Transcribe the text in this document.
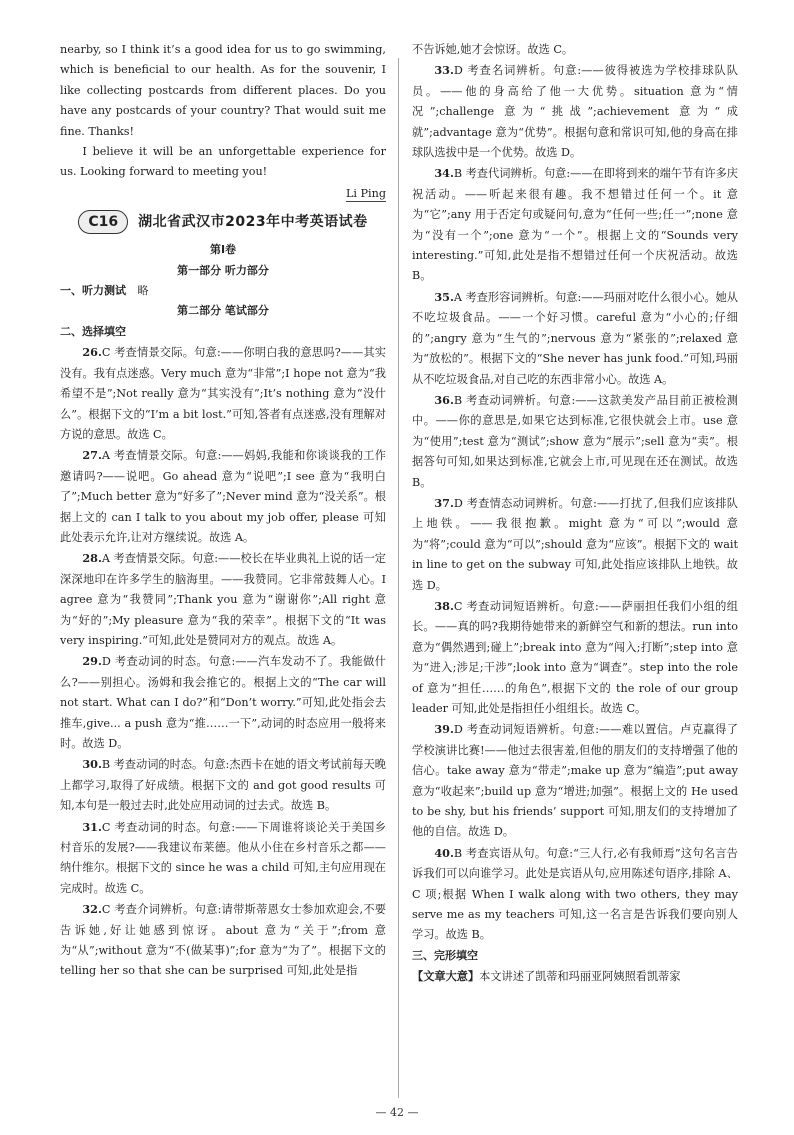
nearby, so I think it’s a good idea for us to go swimming, which is beneficial to our health. As for the souvenir, I like collecting postcards from different places. Do you have any postcards of your country? That would suit me fine. Thanks!

I believe it will be an unforgettable experience for us. Looking forward to meeting you!

Li Ping

C16	湖北省武汉市2023年中考英语试卷

第Ⅰ卷

第一部分 听力部分

一、听力测试 略

第二部分 笔试部分

二、选择填空

26.C 考查情景交际。句意:——你明白我的意思吗?——其实没有。我有点迷惑。Very much 意为“非常”;I hope not 意为“我希望不是”;Not really 意为“其实没有”;It’s nothing 意为“没什么”。根据下文的“I’m a bit lost.”可知,答者有点迷惑,没有理解对方说的意思。故选 C。

27.A 考查情景交际。句意:——妈妈,我能和你谈谈我的工作邀请吗?——说吧。Go ahead 意为“说吧”;I see 意为“我明白了”;Much better 意为“好多了”;Never mind 意为“没关系”。根据上文的 can I talk to you about my job offer, please 可知此处表示允许,让对方继续说。故选 A。

28.A 考查情景交际。句意:——校长在毕业典礼上说的话一定深深地印在许多学生的脑海里。——我赞同。它非常鼓舞人心。I agree 意为“我赞同”;Thank you 意为“谢谢你”;All right 意为“好的”;My pleasure 意为“我的荣幸”。根据下文的“It was very inspiring.”可知,此处是赞同对方的观点。故选 A。

29.D 考查动词的时态。句意:——汽车发动不了。我能做什么?——别担心。汤姆和我会推它的。根据上文的“The car will not start. What can I do?”和“Don’t worry.”可知,此处指会去推车,give... a push 意为“推……一下”,动词的时态应用一般将来时。故选 D。

30.B 考查动词的时态。句意:杰西卡在她的语文考试前每天晚上都学习,取得了好成绩。根据下文的 and got good results 可知,本句是一般过去时,此处应用动词的过去式。故选 B。

31.C 考查动词的时态。句意:——下周谁将谈论关于美国乡村音乐的发展?——我建议布莱德。他从小住在乡村音乐之都——纳什维尔。根据下文的 since he was a child 可知,主句应用现在完成时。故选 C。

32.C 考查介词辨析。句意:请带斯蒂恩女士参加欢迎会,不要告诉她,好让她感到惊讶。about 意为“关于”;from 意为“从”;without 意为“不(做某事)”;for 意为“为了”。根据下文的 telling her so that she can be surprised 可知,此处是指

不告诉她,她才会惊讶。故选 C。

33.D 考查名词辨析。句意:——彼得被选为学校排球队队员。——他的身高给了他一大优势。situation 意为“情况”;challenge 意为“挑战”;achievement 意为“成就”;advantage 意为“优势”。根据句意和常识可知,他的身高在排球队选拔中是一个优势。故选 D。

34.B 考查代词辨析。句意:——在即将到来的端午节有许多庆祝活动。——听起来很有趣。我不想错过任何一个。it 意为“它”;any 用于否定句或疑问句,意为“任何一些;任一”;none 意为“没有一个”;one 意为“一个”。根据上文的“Sounds very interesting.”可知,此处是指不想错过任何一个庆祝活动。故选 B。

35.A 考查形容词辨析。句意:——玛丽对吃什么很小心。她从不吃垃圾食品。——一个好习惯。careful 意为“小心的;仔细的”;angry 意为“生气的”;nervous 意为“紧张的”;relaxed 意为“放松的”。根据下文的“She never has junk food.”可知,玛丽从不吃垃圾食品,对自己吃的东西非常小心。故选 A。

36.B 考查动词辨析。句意:——这款美发产品目前正被检测中。——你的意思是,如果它达到标准,它很快就会上市。use 意为“使用”;test 意为“测试”;show 意为“展示”;sell 意为“卖”。根据答句可知,如果达到标准,它就会上市,可见现在还在测试。故选 B。

37.D 考查情态动词辨析。句意:——打扰了,但我们应该排队上地铁。——我很抱歉。might 意为“可以”;would 意为“将”;could 意为“可以”;should 意为“应该”。根据下文的 wait in line to get on the subway 可知,此处指应该排队上地铁。故选 D。

38.C 考查动词短语辨析。句意:——萨丽担任我们小组的组长。——真的吗?我期待她带来的新鲜空气和新的想法。run into 意为“偶然遇到;碰上”;break into 意为“闯入;打断”;step into 意为“进入;涉足;干涉”;look into 意为“调查”。step into the role of 意为“担任……的角色”,根据下文的 the role of our group leader 可知,此处是指担任小组组长。故选 C。

39.D 考查动词短语辨析。句意:——难以置信。卢克赢得了学校演讲比赛!——他过去很害羞,但他的朋友们的支持增强了他的信心。take away 意为“带走”;make up 意为“编造”;put away 意为“收起来”;build up 意为“增进;加强”。根据上文的 He used to be shy, but his friends’ support 可知,朋友们的支持增加了他的自信。故选 D。

40.B 考查宾语从句。句意:“三人行,必有我师焉”这句名言告诉我们可以向谁学习。此处是宾语从句,应用陈述句语序,排除 A、C 项;根据 When I walk along with two others, they may serve me as my teachers 可知,这一名言是告诉我们要向别人学习。故选 B。

三、完形填空

【文章大意】本文讲述了凯蒂和玛丽亚阿姨照看凯蒂家

— 42 —
